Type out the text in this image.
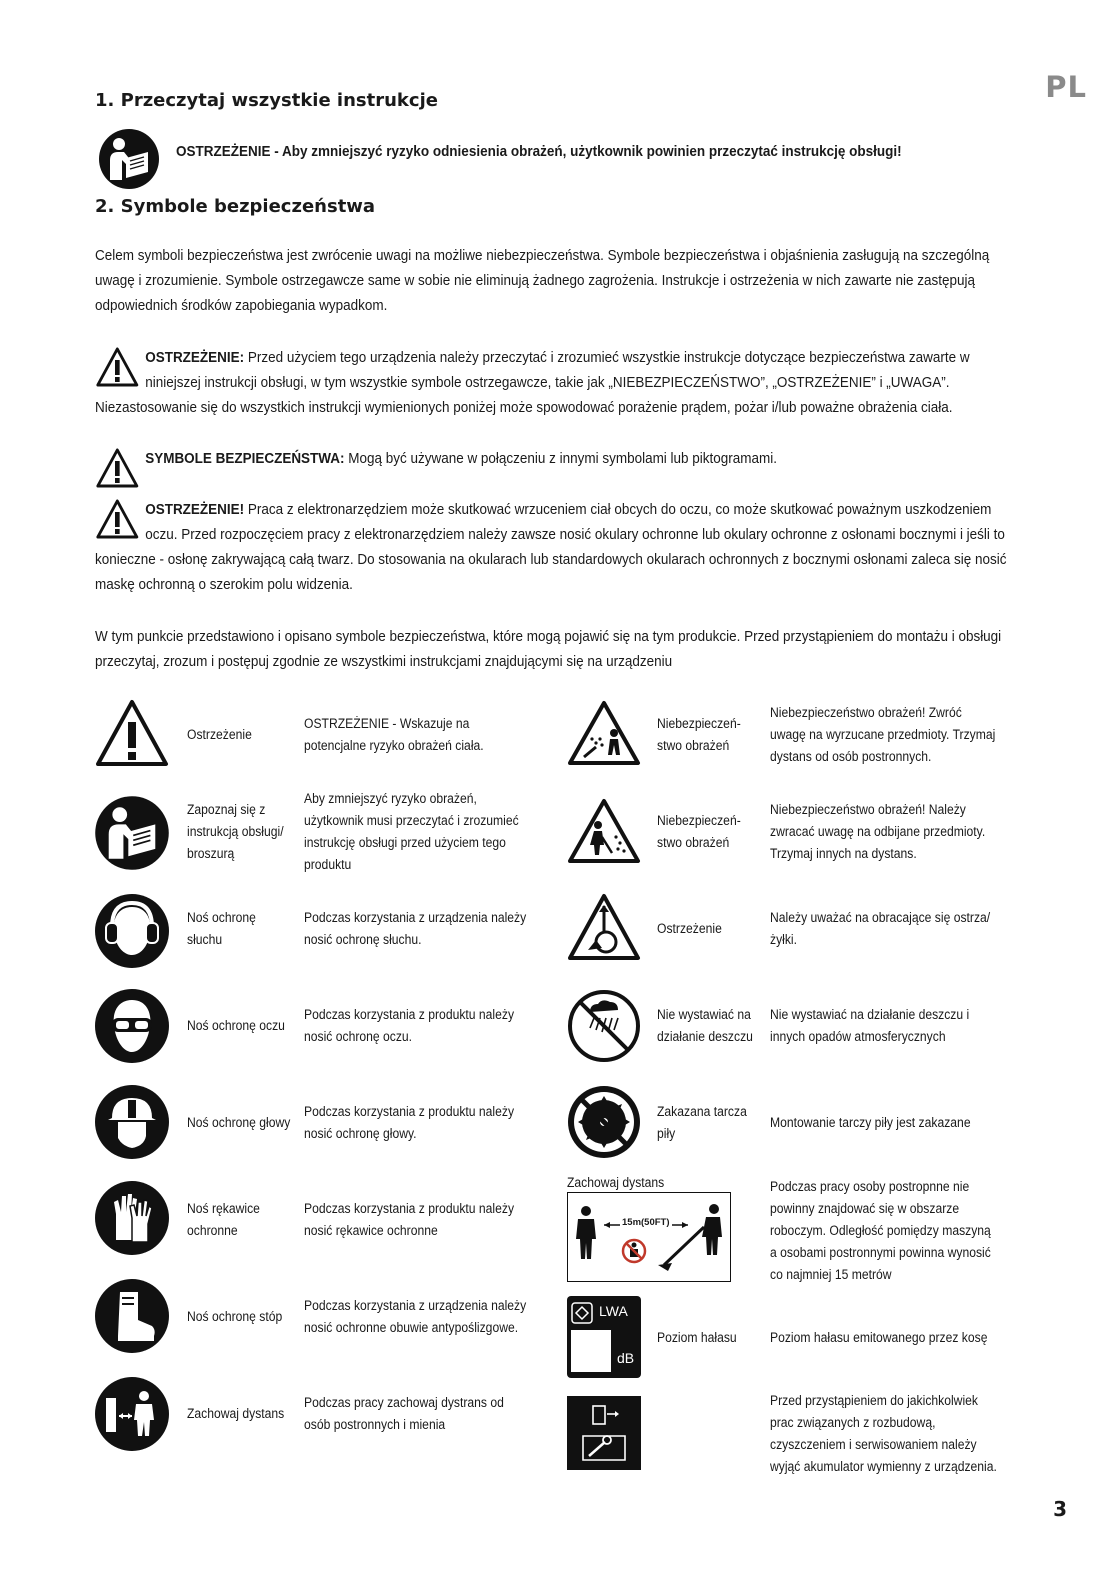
PL
1. Przeczytaj wszystkie instrukcje
OSTRZEŻENIE - Aby zmniejszyć ryzyko odniesienia obrażeń, użytkownik powinien przeczytać instrukcję obsługi!
2. Symbole bezpieczeństwa
Celem symboli bezpieczeństwa jest zwrócenie uwagi na możliwe niebezpieczeństwa. Symbole bezpieczeństwa i objaśnienia zasługują na szczególną uwagę i zrozumienie. Symbole ostrzegawcze same w sobie nie eliminują żadnego zagrożenia. Instrukcje i ostrzeżenia w nich zawarte nie zastępują odpowiednich środków zapobiegania wypadkom.
OSTRZEŻENIE: Przed użyciem tego urządzenia należy przeczytać i zrozumieć wszystkie instrukcje dotyczące bezpieczeństwa zawarte w niniejszej instrukcji obsługi, w tym wszystkie symbole ostrzegawcze, takie jak „NIEBEZPIECZEŃSTWO”, „OSTRZEŻENIE” i „UWAGA”. Niezastosowanie się do wszystkich instrukcji wymienionych poniżej może spowodować porażenie prądem, pożar i/lub poważne obrażenia ciała.
SYMBOLE BEZPIECZEŃSTWA: Mogą być używane w połączeniu z innymi symbolami lub piktogramami.
OSTRZEŻENIE! Praca z elektronarzędziem może skutkować wrzuceniem ciał obcych do oczu, co może skutkować poważnym uszkodzeniem oczu. Przed rozpoczęciem pracy z elektronarzędziem należy zawsze nosić okulary ochronne lub okulary ochronne z osłonami bocznymi i jeśli to konieczne - osłonę zakrywającą całą twarz. Do stosowania na okularach lub standardowych okularach ochronnych z bocznymi osłonami zaleca się nosić maskę ochronną o szerokim polu widzenia.
W tym punkcie przedstawiono i opisano symbole bezpieczeństwa, które mogą pojawić się na tym produkcie. Przed przystąpieniem do montażu i obsługi przeczytaj, zrozum i postępuj zgodnie ze wszystkimi instrukcjami znajdującymi się na urządzeniu
Ostrzeżenie
OSTRZEŻENIE - Wskazuje na potencjalne ryzyko obrażeń ciała.
Zapoznaj się z instrukcją obsługi/ broszurą
Aby zmniejszyć ryzyko obrażeń, użytkownik musi przeczytać i zrozumieć instrukcję obsługi przed użyciem tego produktu
Noś ochronę słuchu
Podczas korzystania z urządzenia należy nosić ochronę słuchu.
Noś ochronę oczu
Podczas korzystania z produktu należy nosić ochronę oczu.
Noś ochronę głowy
Podczas korzystania z produktu należy nosić ochronę głowy.
Noś rękawice ochronne
Podczas korzystania z produktu należy nosić rękawice ochronne
Noś ochronę stóp
Podczas korzystania z urządzenia należy nosić ochronne obuwie antypoślizgowe.
Zachowaj dystans
Podczas pracy zachowaj dystrans od osób postronnych i mienia
Niebezpieczeń- stwo obrażeń
Niebezpieczeństwo obrażeń! Zwróć uwagę na wyrzucane przedmioty. Trzymaj dystans od osób postronnych.
Niebezpieczeń- stwo obrażeń
Niebezpieczeństwo obrażeń! Należy zwracać uwagę na odbijane przedmioty. Trzymaj innych na dystans.
Ostrzeżenie
Należy uważać na obracające się ostrza/ żyłki.
Nie wystawiać na działanie deszczu
Nie wystawiać na działanie deszczu i innych opadów atmosferycznych
Zakazana tarcza piły
Montowanie tarczy piły jest zakazane
Zachowaj dystans
15m(50FT)
Podczas pracy osoby postropnne nie powinny znajdować się w obszarze roboczym. Odległość pomiędzy maszyną a osobami postronnymi powinna wynosić co najmniej 15 metrów
LWA
96 dB
Poziom hałasu	Poziom hałasu emitowanego przez kosę
Przed przystąpieniem do jakichkolwiek prac związanych z rozbudową, czyszczeniem i serwisowaniem należy wyjąć akumulator wymienny z urządzenia.
3
